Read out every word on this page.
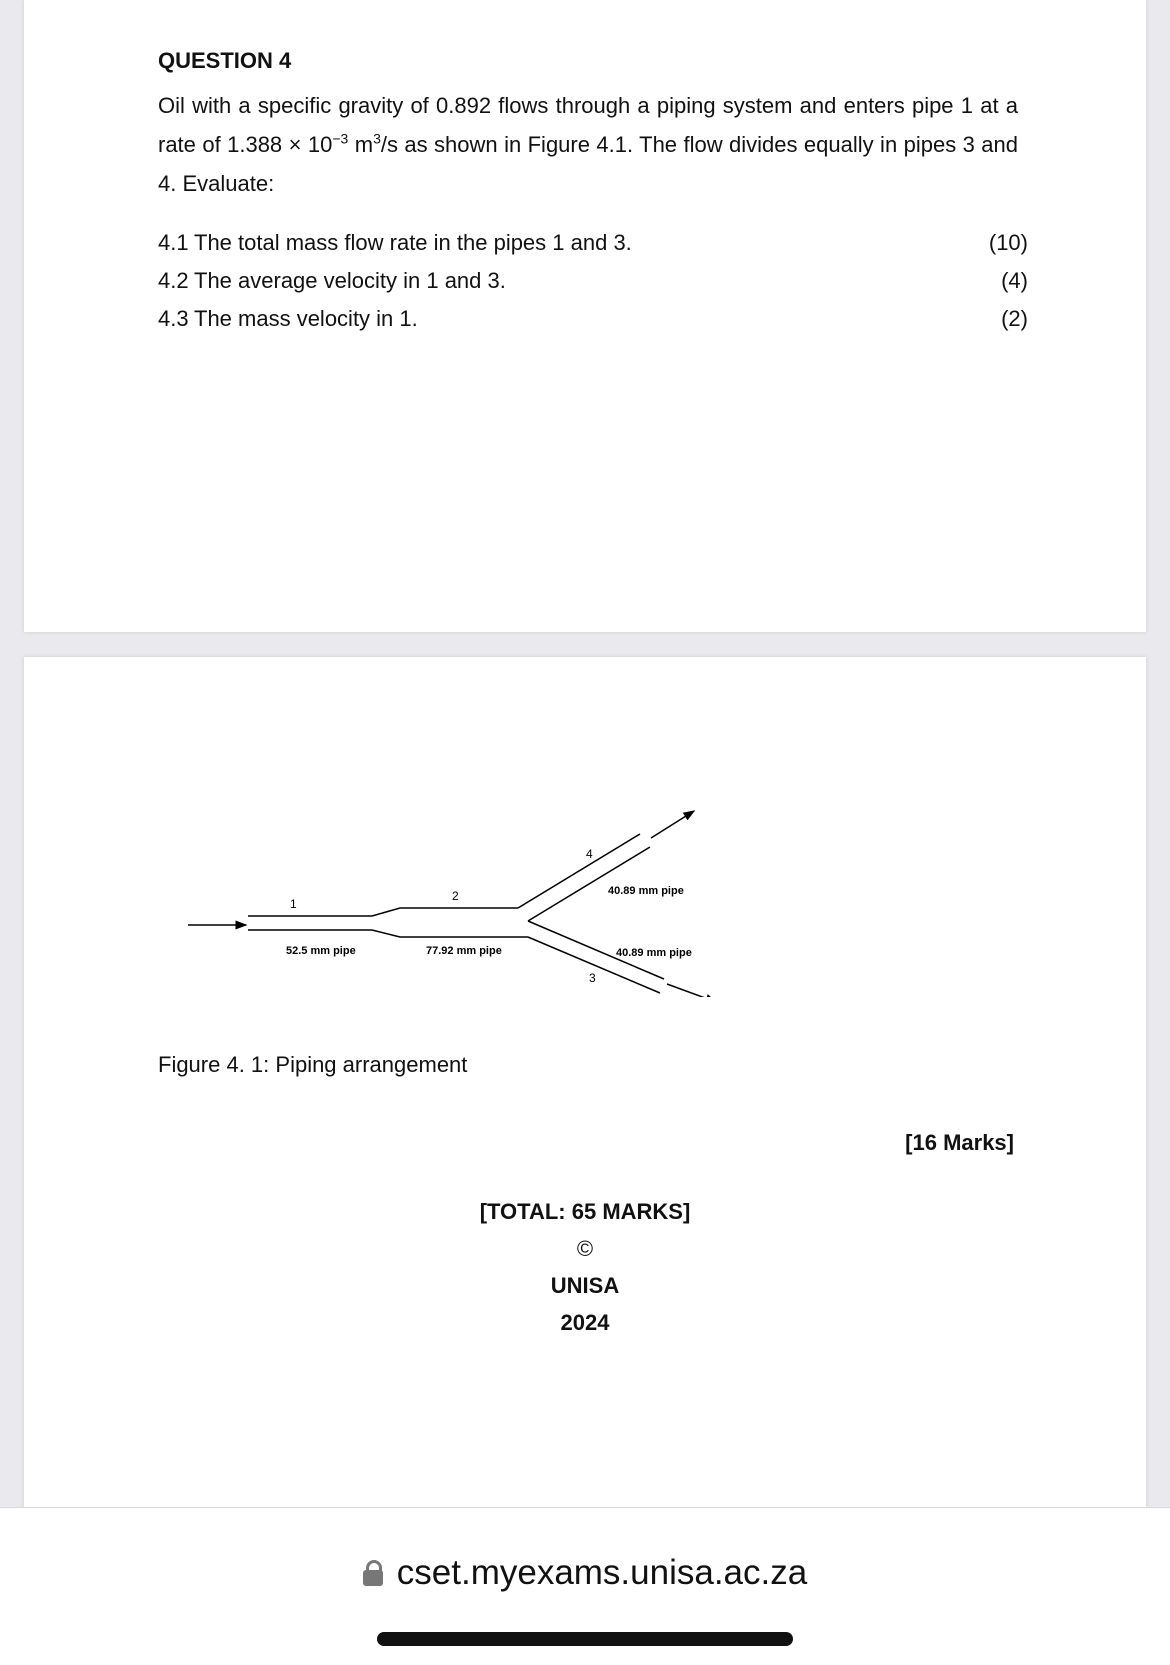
QUESTION 4
Oil with a specific gravity of 0.892 flows through a piping system and enters pipe 1 at a rate of $1.388 \times 10^{-3}$ $m^3/s$ as shown in Figure 4.1. The flow divides equally in pipes 3 and 4. Evaluate:
4.1 The total mass flow rate in the pipes 1 and 3.	(10)
4.2 The average velocity in 1 and 3.	(4)
4.3 The mass velocity in 1.	(2)
1
2
3
4
52.5 mm pipe	77.92 mm pipe	40.89 mm pipe
40.89 mm pipe
Figure 4. 1: Piping arrangement
[16 Marks]
[TOTAL: 65 MARKS]
©
UNISA
2024
cset.myexams.unisa.ac.za
